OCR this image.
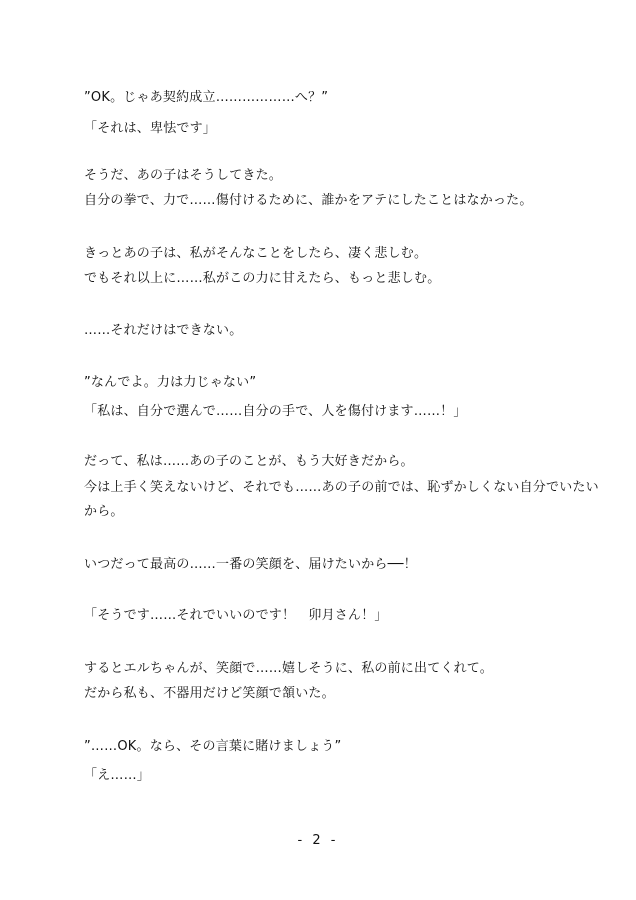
”OK。じゃあ契約成立………………へ？”
「それは、卑怯です」
そうだ、あの子はそうしてきた。
自分の拳で、力で……傷付けるために、誰かをアテにしたことはなかった。
きっとあの子は、私がそんなことをしたら、凄く悲しむ。
でもそれ以上に……私がこの力に甘えたら、もっと悲しむ。
……それだけはできない。
”なんでよ。力は力じゃない”
「私は、自分で選んで……自分の手で、人を傷付けます……！」
だって、私は……あの子のことが、もう大好きだから。
今は上手く笑えないけど、それでも……あの子の前では、恥ずかしくない自分でいたい
から。
いつだって最高の……一番の笑顔を、届けたいから──！
「そうです……それでいいのです！　卯月さん！」
するとエルちゃんが、笑顔で……嬉しそうに、私の前に出てくれて。
だから私も、不器用だけど笑顔で頷いた。
”……OK。なら、その言葉に賭けましょう”
「え……」
- 2 -
